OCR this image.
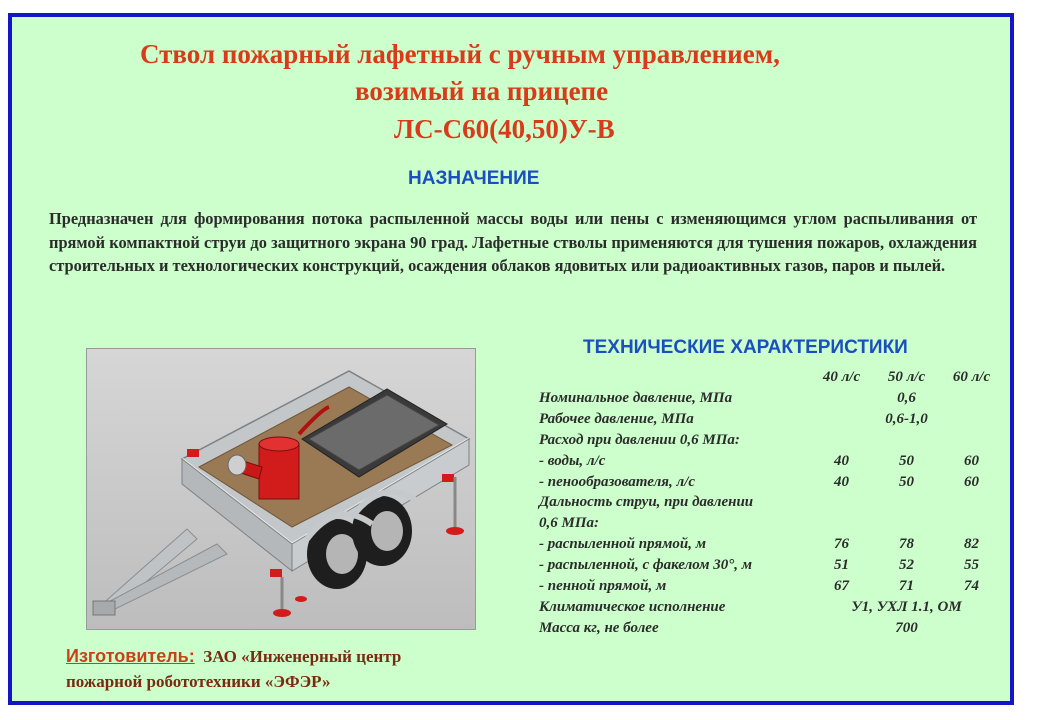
Ствол пожарный лафетный с ручным управлением,
возимый на прицепе
ЛС-С60(40,50)У-В
НАЗНАЧЕНИЕ

Предназначен для формирования потока распыленной массы воды или пены с изменяющимся углом распыливания от прямой компактной струи до защитного экрана 90 град. Лафетные стволы применяются для тушения пожаров, охлаждения строительных и технологических конструкций, осаждения облаков ядовитых или радиоактивных газов, паров и пылей.

ТЕХНИЧЕСКИЕ ХАРАКТЕРИСТИКИ
	40 л/с	50 л/с	60 л/с
Номинальное давление, МПа	0,6		
Рабочее давление, МПа	0,6-1,0		
Расход при давлении 0,6 МПа:			
- воды, л/с	40	50	60
- пенообразователя, л/с	40	50	60
Дальность струи, при давлении			
0,6 МПа:			
- распыленной прямой, м	76	78	82
- распыленной, с факелом 30°, м	51	52	55
- пенной прямой, м	67	71	74
Климатическое исполнение	У1, УХЛ 1.1, ОМ		
Масса кг, не более	700		

Изготовитель: ЗАО «Инженерный центр
пожарной робототехники «ЭФЭР»
